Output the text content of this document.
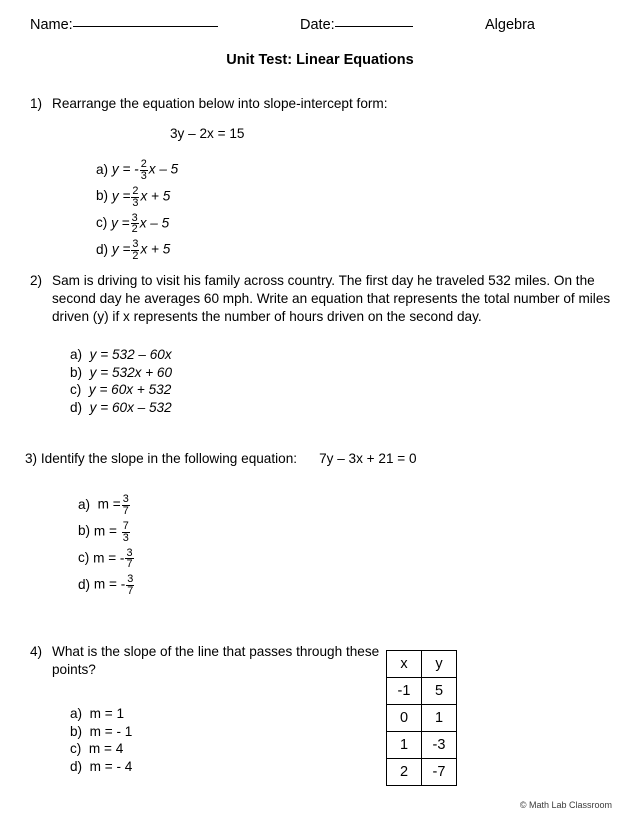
Name:	Date:	Algebra
Unit Test: Linear Equations
1) Rearrange the equation below into slope-intercept form:
3y – 2x = 15
a) y = - $\frac{2}{3}$ x – 5
b) $y = \frac{2}{3}$ x + 5
c) $y = \frac{3}{2}$ x – 5
d) $y = \frac{3}{2}$ x + 5
2) Sam is driving to visit his family across country. The first day he traveled 532 miles. On the second day he averages 60 mph. Write an equation that represents the total number of miles driven (y) if x represents the number of hours driven on the second day.
a) y = 532 – 60x
b) y = 532x + 60
c) y = 60x + 532
d) y = 60x – 532
3) Identify the slope in the following equation: 7y – 3x + 21 = 0
a) $m = \frac{3}{7}$
b) $m = \frac{7}{3}$
c) m = - $\frac{3}{7}$
d) m = - $\frac{3}{7}$
4) What is the slope of the line that passes through these points?
a) m = 1
b) m = - 1
c) m = 4
d) m = - 4
x	y
-1	5
0	1
1	-3
2	-7
© Math Lab Classroom
